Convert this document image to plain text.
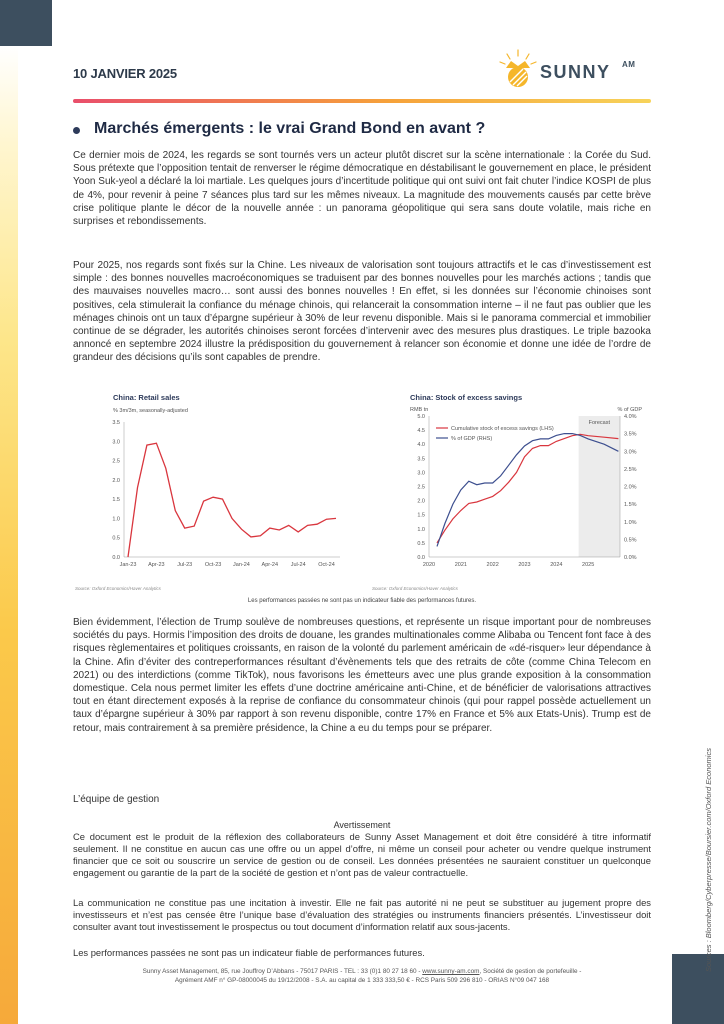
10 JANVIER 2025	SUNNY AM
Marchés émergents : le vrai Grand Bond en avant ?

Ce dernier mois de 2024, les regards se sont tournés vers un acteur plutôt discret sur la scène internationale : la Corée du Sud. Sous prétexte que l’opposition tentait de renverser le régime démocratique en déstabilisant le gouvernement en place, le président Yoon Suk-yeol a déclaré la loi martiale. Les quelques jours d’incertitude politique qui ont suivi ont fait chuter l’indice KOSPI de plus de 4%, pour revenir à peine 7 séances plus tard sur les mêmes niveaux. La magnitude des mouvements causés par cette brève crise politique plante le décor de la nouvelle année : un panorama géopolitique qui sera sans doute volatile, mais riche en surprises et rebondissements.

Pour 2025, nos regards sont fixés sur la Chine. Les niveaux de valorisation sont toujours attractifs et le cas d’investissement est simple : des bonnes nouvelles macroéconomiques se traduisent par des bonnes nouvelles pour les marchés actions ; tandis que des mauvaises nouvelles macro… sont aussi des bonnes nouvelles ! En effet, si les données sur l’économie chinoises sont positives, cela stimulerait la confiance du ménage chinois, qui relancerait la consommation interne – il ne faut pas oublier que les ménages chinois ont un taux d’épargne supérieur à 30% de leur revenu disponible. Mais si le panorama commercial et immobilier continue de se dégrader, les autorités chinoises seront forcées d’intervenir avec des mesures plus drastiques. Le triple bazooka annoncé en septembre 2024 illustre la prédisposition du gouvernement à relancer son économie et donne une idée de l’ordre de grandeur des décisions qu’ils sont capables de prendre.

China: Retail sales
% 3m/3m, seasonally-adjusted
0.0
0.5
1.0
1.5
2.0
2.5
3.0
3.5
Jan-23 Apr-23 Jul-23 Oct-23 Jan-24 Apr-24 Jul-24 Oct-24
Source: Oxford Economics/Haver Analytics
China: Stock of excess savings
RMB tn	% of GDP
Forecast
0.0
0.5
1.0
1.5
2.0
2.5
3.0
3.5
4.0
4.5
5.0
0.0%
0.5%
1.0%
1.5%
2.0%
2.5%
3.0%
3.5%
4.0%
2020	2021	2022	2023	2024	2025
Cumulative stock of excess savings (LHS)
% of GDP (RHS)
Source: Oxford Economics/Haver Analytics
Les performances passées ne sont pas un indicateur fiable des performances futures.

Bien évidemment, l’élection de Trump soulève de nombreuses questions, et représente un risque important pour de nombreuses sociétés du pays. Hormis l’imposition des droits de douane, les grandes multinationales comme Alibaba ou Tencent font face à des risques règlementaires et politiques croissants, en raison de la volonté du parlement américain de «dé-risquer» leur dépendance à la Chine. Afin d’éviter des contreperformances résultant d’évènements tels que des retraits de côte (comme China Telecom en 2021) ou des interdictions (comme TikTok), nous favorisons les émetteurs avec une plus grande exposition à la consommation domestique. Cela nous permet limiter les effets d’une doctrine américaine anti-Chine, et de bénéficier de valorisations attractives tout en étant directement exposés à la reprise de confiance du consommateur chinois (qui pour rappel possède actuellement un taux d’épargne supérieur à 30% par rapport à son revenu disponible, contre 17% en France et 5% aux Etats-Unis). Trump est de retour, mais contrairement à sa première présidence, la Chine a eu du temps pour se préparer.

L’équipe de gestion
Avertissement

Ce document est le produit de la réflexion des collaborateurs de Sunny Asset Management et doit être considéré à titre informatif seulement. Il ne constitue en aucun cas une offre ou un appel d’offre, ni même un conseil pour acheter ou vendre quelque instrument financier que ce soit ou souscrire un service de gestion ou de conseil. Les données présentées ne sauraient constituer un quelconque engagement ou garantie de la part de la société de gestion et n’ont pas de valeur contractuelle.

La communication ne constitue pas une incitation à investir. Elle ne fait pas autorité ni ne peut se substituer au jugement propre des investisseurs et n’est pas censée être l’unique base d’évaluation des stratégies ou instruments financiers présentés. L’investisseur doit consulter avant tout investissement le prospectus ou tout document d’information relatif aux sous-jacents.

Les performances passées ne sont pas un indicateur fiable de performances futures.

Sunny Asset Management, 85, rue Jouffroy D’Abbans - 75017 PARIS - TEL : 33 (0)1 80 27 18 60 - www.sunny-am.com, Société de gestion de portefeuille -
Agrément AMF n° GP-08000045 du 19/12/2008 - S.A. au capital de 1 333 333,50 € - RCS Paris 509 296 810 - ORIAS N°09 047 168
Sources : Bloomberg/Cyberpresse/Boursier.com/Oxford Economics
